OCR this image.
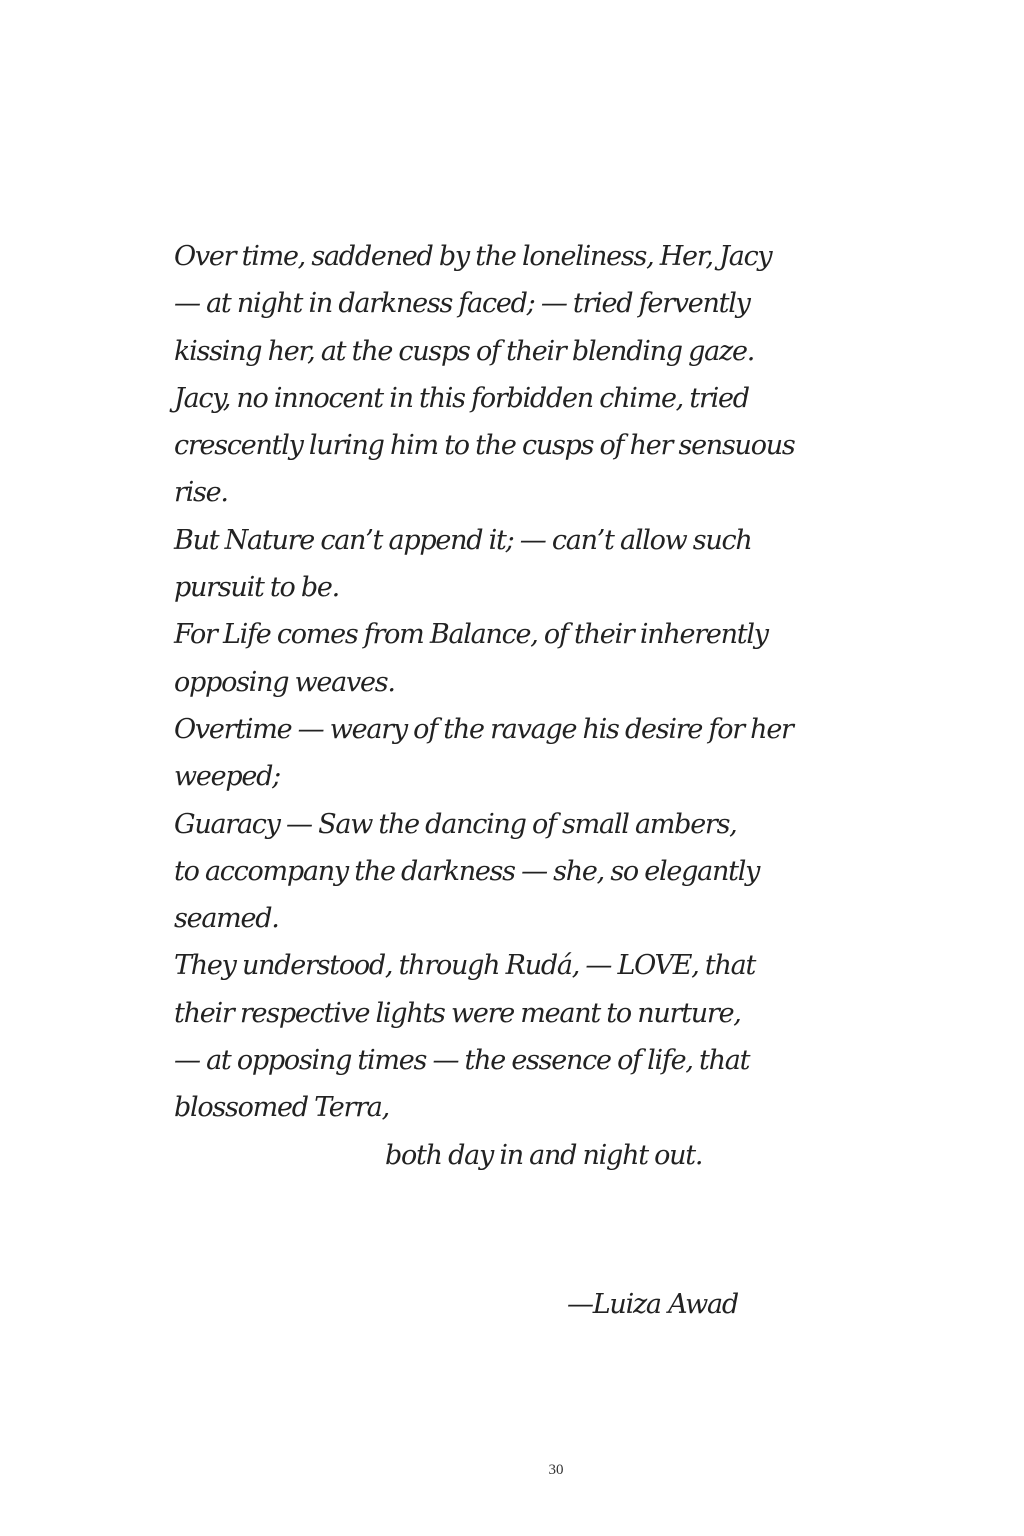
Over time, saddened by the loneliness, Her, Jacy
— at night in darkness faced; — tried fervently
kissing her, at the cusps of their blending gaze.
Jacy, no innocent in this forbidden chime, tried
crescently luring him to the cusps of her sensuous
rise.
But Nature can’t append it; — can’t allow such
pursuit to be.
For Life comes from Balance, of their inherently
opposing weaves.
Overtime — weary of the ravage his desire for her
weeped;
Guaracy — Saw the dancing of small ambers,
to accompany the darkness — she, so elegantly
seamed.
They understood, through Rudá, — LOVE, that
their respective lights were meant to nurture,
— at opposing times — the essence of life, that
blossomed Terra,
both day in and night out.
—Luiza Awad
30
